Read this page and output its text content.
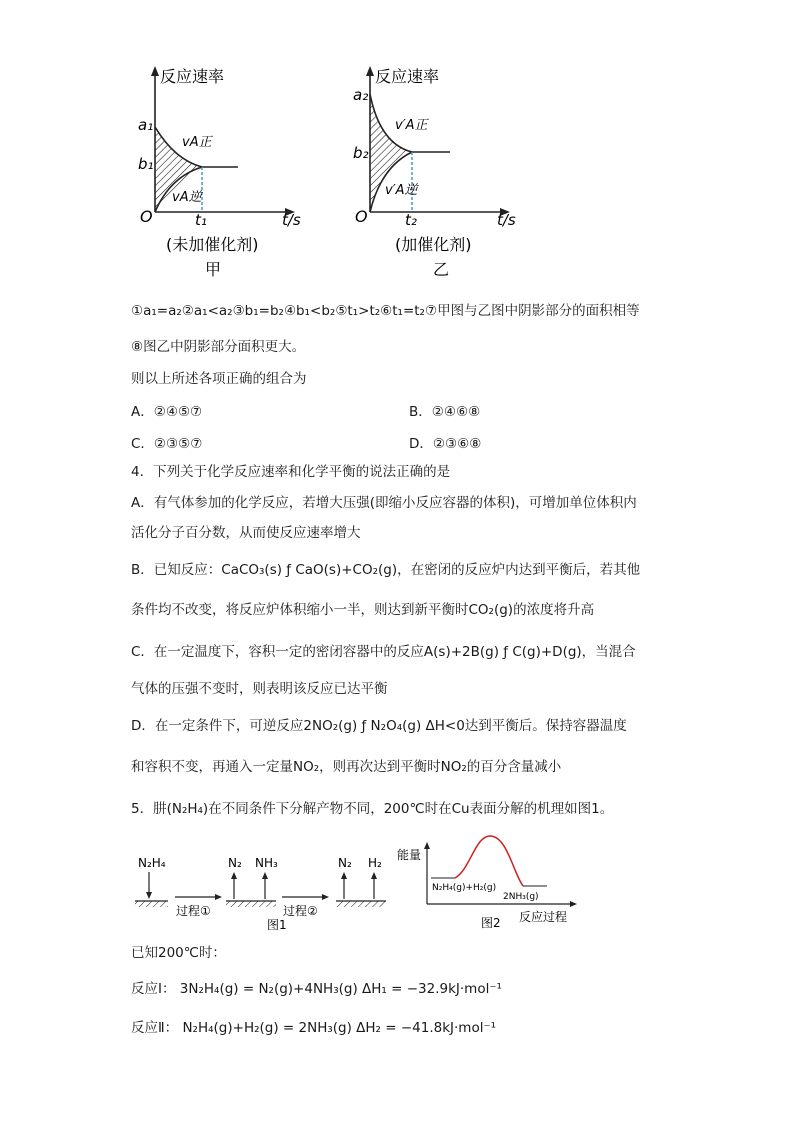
反应速率
a₁
b₁
O
vA正
vA逆
t₁	t/s
(未加催化剂)
甲
反应速率
a₂
b₂
O
v′A正
v′A逆
t₂	t/s
(加催化剂)
乙
①a₁=a₂②a₁<a₂③b₁=b₂④b₁<b₂⑤t₁>t₂⑥t₁=t₂⑦甲图与乙图中阴影部分的面积相等
⑧图乙中阴影部分面积更大。
则以上所述各项正确的组合为
A．②④⑤⑦	B．②④⑥⑧
C．②③⑤⑦	D．②③⑥⑧
4．下列关于化学反应速率和化学平衡的说法正确的是
A．有气体参加的化学反应，若增大压强(即缩小反应容器的体积)，可增加单位体积内
活化分子百分数，从而使反应速率增大
B．已知反应：CaCO₃(s) ƒ CaO(s)+CO₂(g)，在密闭的反应炉内达到平衡后，若其他
条件均不改变，将反应炉体积缩小一半，则达到新平衡时CO₂(g)的浓度将升高
C．在一定温度下，容积一定的密闭容器中的反应A(s)+2B(g) ƒ C(g)+D(g)，当混合
气体的压强不变时，则表明该反应已达平衡
D．在一定条件下，可逆反应2NO₂(g) ƒ N₂O₄(g) ΔH<0达到平衡后。保持容器温度
和容积不变，再通入一定量NO₂，则再次达到平衡时NO₂的百分含量减小
5．肼(N₂H₄)在不同条件下分解产物不同，200℃时在Cu表面分解的机理如图1。
N₂H₄
过程①
N₂ NH₃
过程②
图1
N₂ H₂
能量
N₂H₄(g)+H₂(g)
2NH₃(g)
图2 反应过程
已知200℃时：
反应Ⅰ： 3N₂H₄(g) = N₂(g)+4NH₃(g) ΔH₁ = −32.9kJ·mol⁻¹
反应Ⅱ： N₂H₄(g)+H₂(g) = 2NH₃(g) ΔH₂ = −41.8kJ·mol⁻¹
